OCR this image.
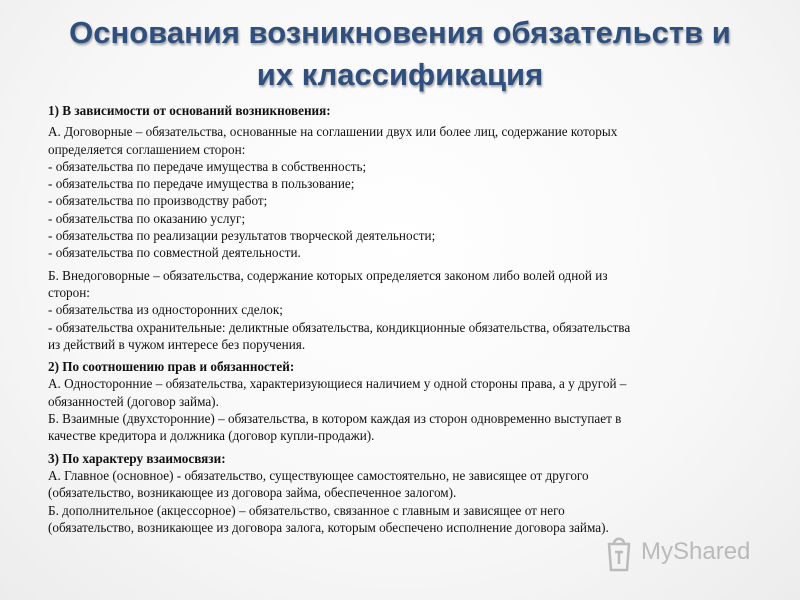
Основания возникновения обязательств и
их классификация

1) В зависимости от оснований возникновения:

А. Договорные – обязательства, основанные на соглашении двух или более лиц, содержание которых

определяется соглашением сторон:

- обязательства по передаче имущества в собственность;

- обязательства по передаче имущества в пользование;

- обязательства по производству работ;

- обязательства по оказанию услуг;

- обязательства по реализации результатов творческой деятельности;

- обязательства по совместной деятельности.

Б. Внедоговорные – обязательства, содержание которых определяется законом либо волей одной из

сторон:

- обязательства из односторонних сделок;

- обязательства охранительные: деликтные обязательства, кондикционные обязательства, обязательства

из действий в чужом интересе без поручения.

2) По соотношению прав и обязанностей:

А. Односторонние – обязательства, характеризующиеся наличием у одной стороны права, а у другой –

обязанностей (договор займа).

Б. Взаимные (двухсторонние) – обязательства, в котором каждая из сторон одновременно выступает в

качестве кредитора и должника (договор купли-продажи).

3) По характеру взаимосвязи:

А. Главное (основное) - обязательство, существующее самостоятельно, не зависящее от другого

(обязательство, возникающее из договора займа, обеспеченное залогом).

Б. дополнительное (акцессорное) – обязательство, связанное с главным и зависящее от него

(обязательство, возникающее из договора залога, которым обеспечено исполнение договора займа).

MyShared
